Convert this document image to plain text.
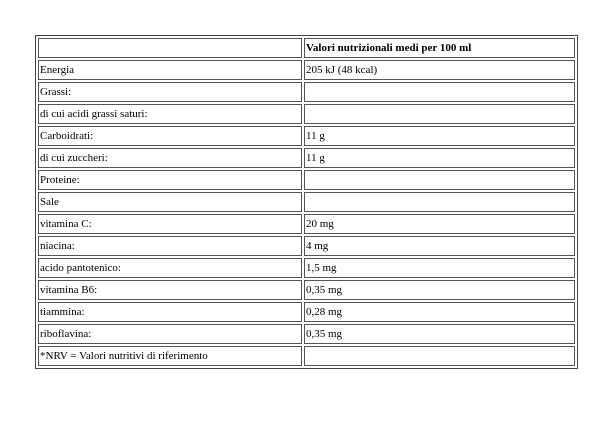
	Valori nutrizionali medi per 100 ml
Energia	205 kJ (48 kcal)
Grassi:	
di cui acidi grassi saturi:	
Carboidrati:	11 g
di cui zuccheri:	11 g
Proteine:	
Sale	
vitamina C:	20 mg
niacina:	4 mg
acido pantotenico:	1,5 mg
vitamina B6:	0,35 mg
tiammina:	0,28 mg
riboflavina:	0,35 mg
*NRV = Valori nutritivi di riferimento	
